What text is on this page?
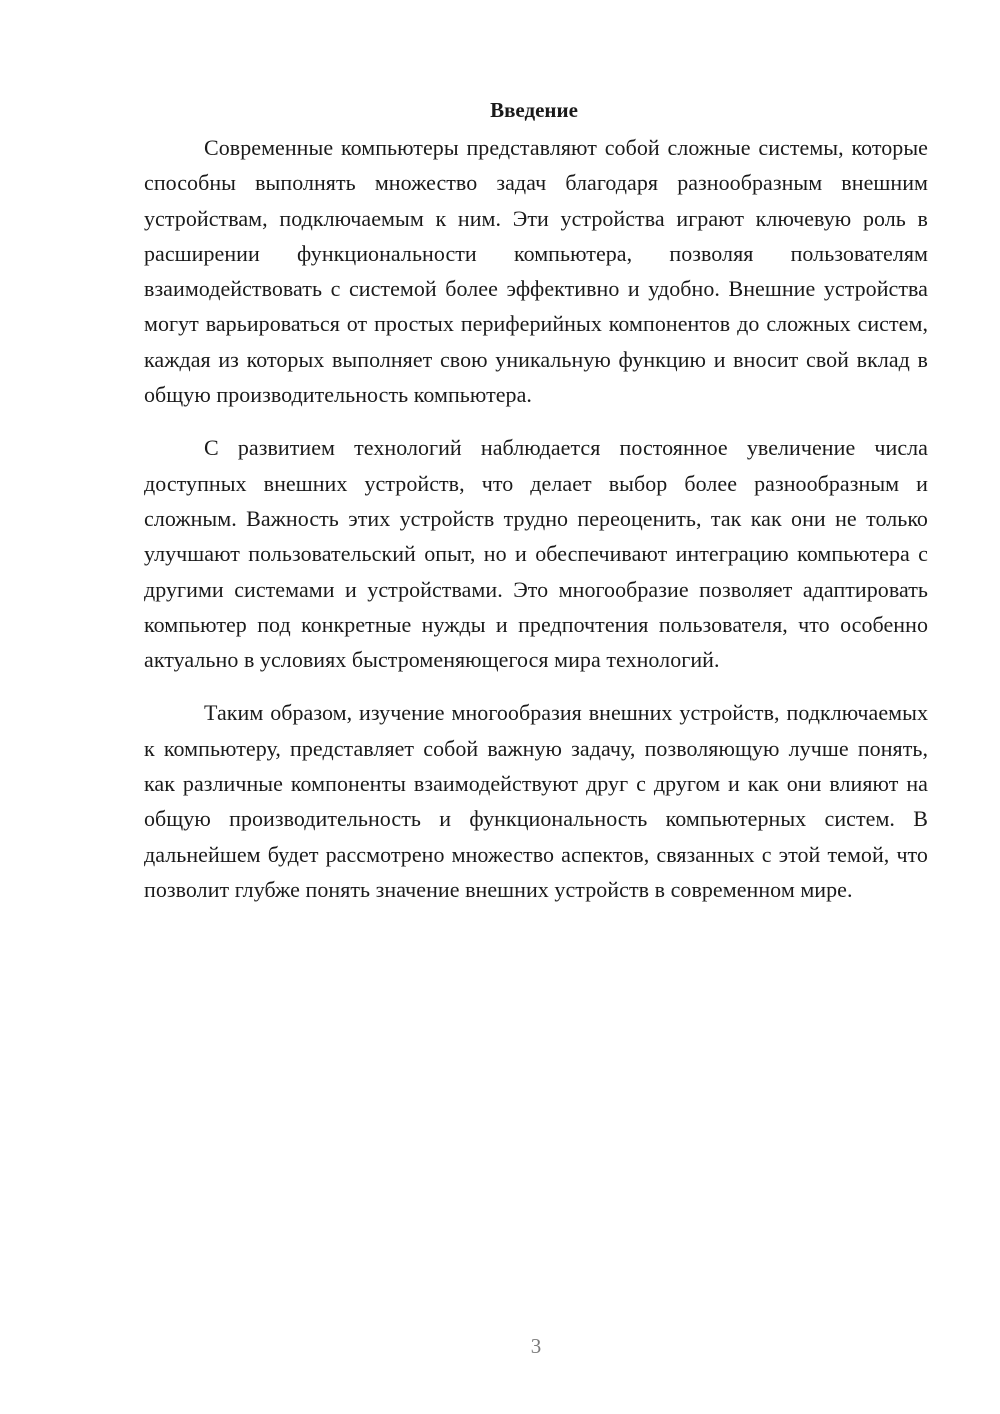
Введение

Современные компьютеры представляют собой сложные системы, которые способны выполнять множество задач благодаря разнообразным внешним устройствам, подключаемым к ним. Эти устройства играют ключевую роль в расширении функциональности компьютера, позволяя пользователям взаимодействовать с системой более эффективно и удобно. Внешние устройства могут варьироваться от простых периферийных компонентов до сложных систем, каждая из которых выполняет свою уникальную функцию и вносит свой вклад в общую производительность компьютера.

С развитием технологий наблюдается постоянное увеличение числа доступных внешних устройств, что делает выбор более разнообразным и сложным. Важность этих устройств трудно переоценить, так как они не только улучшают пользовательский опыт, но и обеспечивают интеграцию компьютера с другими системами и устройствами. Это многообразие позволяет адаптировать компьютер под конкретные нужды и предпочтения пользователя, что особенно актуально в условиях быстроменяющегося мира технологий.

Таким образом, изучение многообразия внешних устройств, подключаемых к компьютеру, представляет собой важную задачу, позволяющую лучше понять, как различные компоненты взаимодействуют друг с другом и как они влияют на общую производительность и функциональность компьютерных систем. В дальнейшем будет рассмотрено множество аспектов, связанных с этой темой, что позволит глубже понять значение внешних устройств в современном мире.

3
